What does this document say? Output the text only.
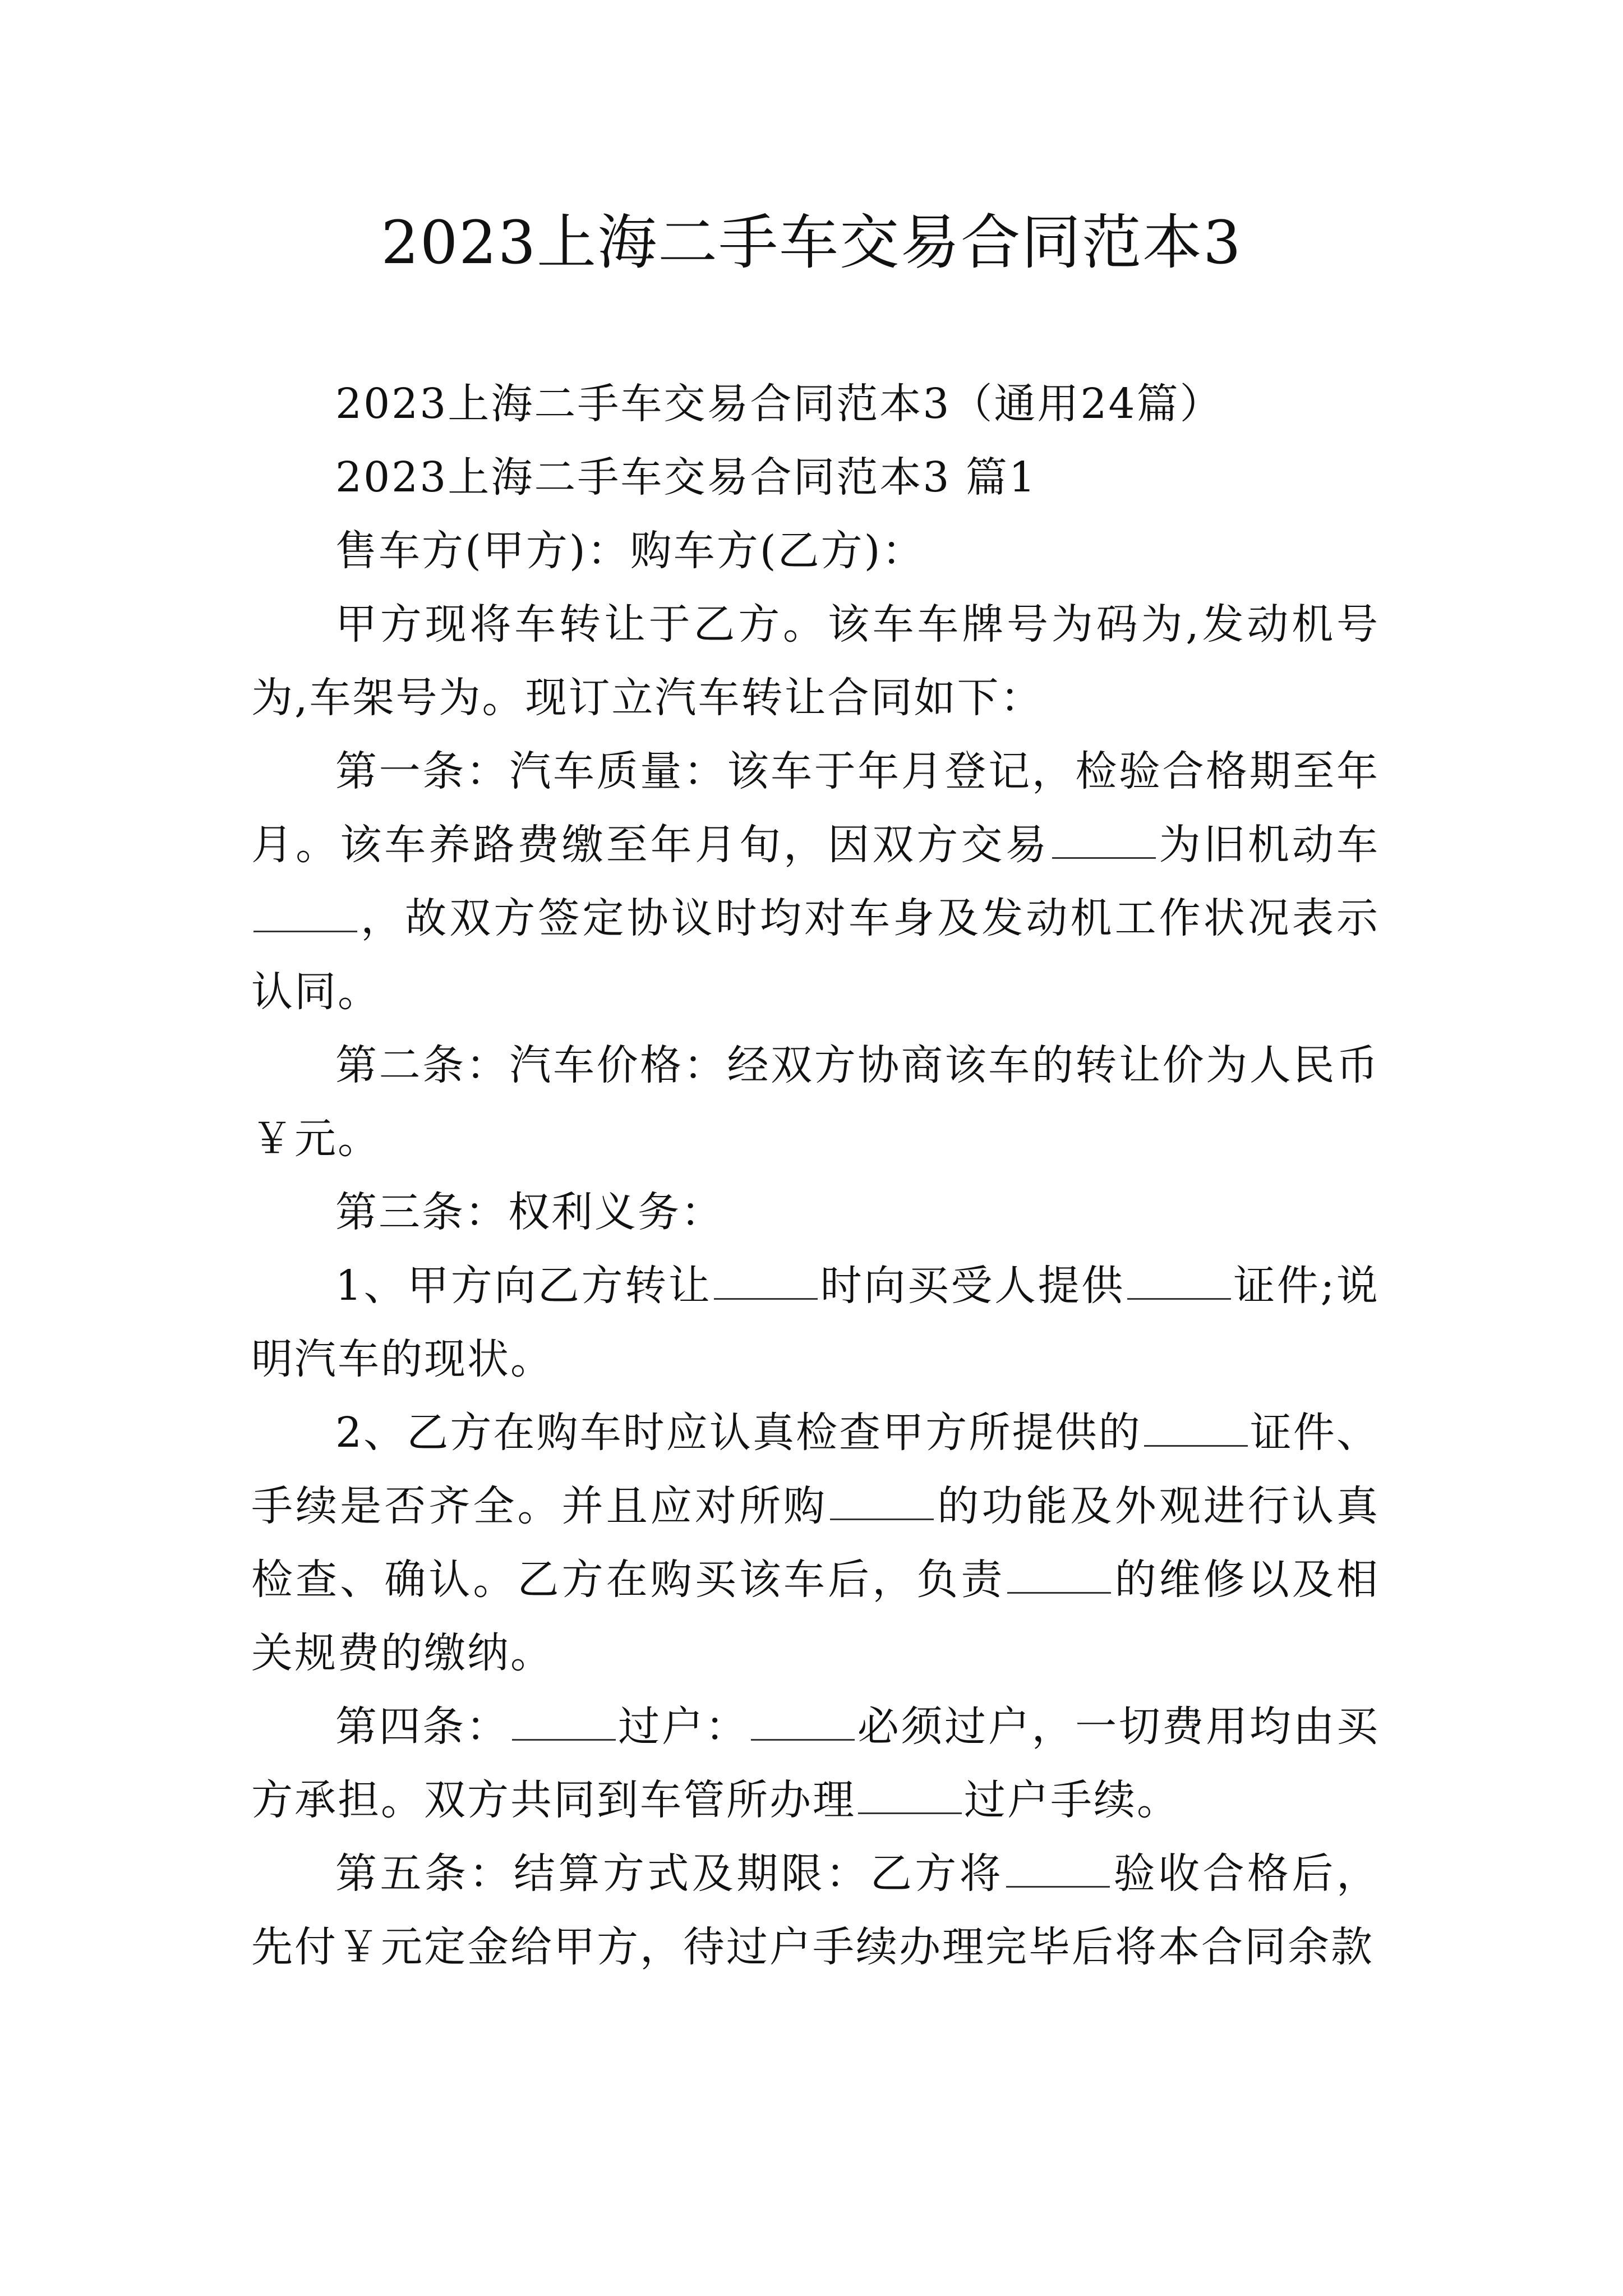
2023上海二手车交易合同范本3

2023上海二手车交易合同范本3（通用24篇）

2023上海二手车交易合同范本3 篇1

售车方(甲方)：购车方(乙方)：

甲方现将车转让于乙方。该车车牌号为码为,发动机号为,车架号为。现订立汽车转让合同如下：

第一条：汽车质量：该车于年月登记，检验合格期至年月。该车养路费缴至年月旬，因双方交易	为旧机动车，故双方签定协议时均对车身及发动机工作状况表示认同。

第二条：汽车价格：经双方协商该车的转让价为人民币￥元。

第三条：权利义务：

1、甲方向乙方转让	时向买受人提供	证件;说明汽车的现状。

2、乙方在购车时应认真检查甲方所提供的	证件、手续是否齐全。并且应对所购	的功能及外观进行认真检查、确认。乙方在购买该车后，负责	的维修以及相关规费的缴纳。

第四条：	过户：	必须过户，一切费用均由买方承担。双方共同到车管所办理	过户手续。

第五条：结算方式及期限：乙方将	验收合格后，先付￥元定金给甲方，待过户手续办理完毕后将本合同余款
